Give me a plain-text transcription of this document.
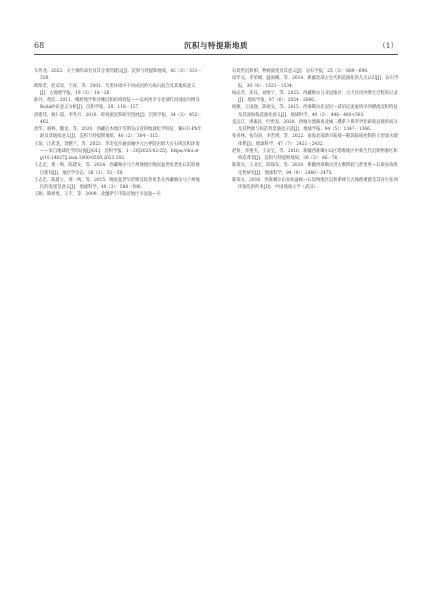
68	沉积与特提斯地质	（1）

车传龙．2022．关于相的命名及其分类的建议[J]．沉积与特提斯地质，42（3）：331－339．

欧阳若，赵双双，于涛，等．2001．鸟类环境中不同成因的大砾石混合及其地质意义[J]．古地理学报，19（2）：18－26．

耿丹，黄洁．2011．峨眉地学和沙滩沉积结构特征——以鸡西平寺北部红河剖面为例及Roda砂岩意义分析[J]．沉积学报，28：118－127．

唐建伟，杨仁超，李冬月．2016．碎屑流沉积研究进展[J]．沉积学报，34（3）：452－462．

唐华，胡林，魏龙，等．2020．西藏尼木地区雪斯头山冒的地球化学特征：输石U-Pb年龄及其地质意义[J]．沉积与特提斯地质，40（2）：304－315．

王琼，江武龙，余鹏兰，等．2023．华北克拉通南缘中元古界陡岩群大古石组沉积环境——来自地球化学的证据[J/OL]．沉积学报：1－20[2025-02-25]．https://doi.org/10.14027/j.issn.1000-0550.2023.102．

王志宏，龚一鸣，陈建文，等．2014．西藏喀尔马兰州地地区晚泥盆世鱼类化石沉积地层新知[J]．地层学杂志，38（1）：51－59．

王志宏，陈建立，龚一鸣，等．2015．晚泥盆世早形期及软骨鱼类在西藏喀尔马兰州地区的发现及意义[J]．地球科学，40（3）：588－596．

王顺，熊禄勇，王宇，等．2009．北疆伊宁市临近地区早泥盆—早

石炭世沉积相、物源演变及其意义[J]．岩石学报，25（3）：689－698．

徐华文，李荣阔，温海娜，等．2014．新疆北部古生代构造演化的几点认识[J]．岩石学报，30（6）：1521－1534．

杨品芳，朱钰，刘维宁，等．2023．西藏喀尔马北冠地区：古大洋洋冲增生过程的记录[J]．地质学报，97（6）：2054－2066．

杨雅，王国强，陈瑞文，等．2015．西准噶尔北冠尼—武谊尼泥盆统早的横流沉积特征及其深海构造演化意义[J]．地球科学，40（3）：448－460+503．

袁远江，周素民，叶贵发．2020．西喀尔塞路再北缘二叠系下侏罗世伏研新岩墙形成分及其物源与构造背景演化示意[J]．地球学报，94（5）：1347－1366．

张青林，张向涛，李若博，等．2022．南海北部新早陆坡—断裂陆坡控制的大型深水储体系[J]．地球科学，47（7）：2421－2432．

赵恒，李艳杰，王安宝，等．2016．新疆西准噶尔山区塔堆地区中新生代沉积物源区和构造背景[J]．沉积与特提斯地质，36（3）：66－76．

陈瑞文，王北宏，陈瑞东，等．2020．新疆西准噶尔洪古勒楞奴与萨里果—石梁泉角组定性研究[J]．地球科学，94（9）：2460－2475．

陈瑞文．2016．西准噶尔山谷泥盆统—石炭统地区沉积系统与古地理重建及其对古亚洲洋演化的约束[D]．中国地质大学（武汉）．
